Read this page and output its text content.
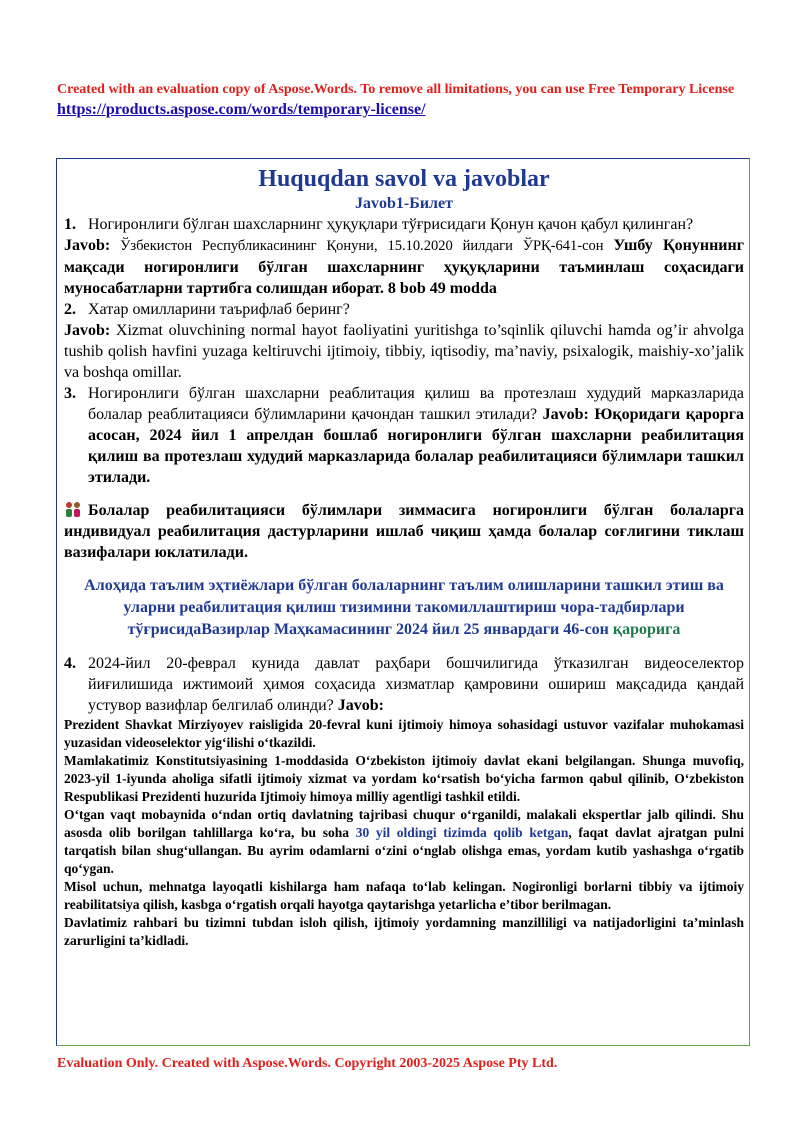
Created with an evaluation copy of Aspose.Words. To remove all limitations, you can use Free Temporary License https://products.aspose.com/words/temporary-license/
Huquqdan savol va javoblar
Javob1-Билет
1. Ногиронлиги бўлган шахсларнинг ҳуқуқлари тўғрисидаги Қонун қачон қабул қилинган?
Javob: Ўзбекистон Республикасининг Қонуни, 15.10.2020 йилдаги ЎРҚ-641-сон Ушбу Қонуннинг мақсади ногиронлиги бўлган шахсларнинг ҳуқуқларини таъминлаш соҳасидаги муносабатларни тартибга солишдан иборат. 8 bob 49 modda
2. Хатар омилларини таърифлаб беринг?
Javob: Xizmat oluvchining normal hayot faoliyatini yuritishga to’sqinlik qiluvchi hamda og’ir ahvolga tushib qolish havfini yuzaga keltiruvchi ijtimoiy, tibbiy, iqtisodiy, ma’naviy, psixalogik, maishiy-xo’jalik va boshqa omillar.
3. Ногиронлиги бўлган шахсларни реаблитация қилиш ва протезлаш худудий марказларида болалар реаблитацияси бўлимларини қачондан ташкил этилади? Javob: Юқоридаги қарорга асосан, 2024 йил 1 апрелдан бошлаб ногиронлиги бўлган шахсларни реабилитация қилиш ва протезлаш худудий марказларида болалар реабилитацияси бўлимлари ташкил этилади.
Болалар реабилитацияси бўлимлари зиммасига ногиронлиги бўлган болаларга индивидуал реабилитация дастурларини ишлаб чиқиш ҳамда болалар соғлигини тиклаш вазифалари юклатилади.
Алоҳида таълим эҳтиёжлари бўлган болаларнинг таълим олишларини ташкил этиш ва уларни реабилитация қилиш тизимини такомиллаштириш чора-тадбирлари тўғрисидаВазирлар Маҳкамасининг 2024 йил 25 январдаги 46-сон қарорига
4. 2024-йил 20-феврал кунида давлат раҳбари бошчилигида ўтказилган видеоселектор йиғилишида ижтимоий ҳимоя соҳасида хизматлар қамровини ошириш мақсадида қандай устувор вазифлар белгилаб олинди? Javob:
Prezident Shavkat Mirziyoyev raisligida 20-fevral kuni ijtimoiy himoya sohasidagi ustuvor vazifalar muhokamasi yuzasidan videoselektor yig‘ilishi o‘tkazildi.
Mamlakatimiz Konstitutsiyasining 1-moddasida O‘zbekiston ijtimoiy davlat ekani belgilangan. Shunga muvofiq, 2023-yil 1-iyunda aholiga sifatli ijtimoiy xizmat va yordam ko‘rsatish bo‘yicha farmon qabul qilinib, O‘zbekiston Respublikasi Prezidenti huzurida Ijtimoiy himoya milliy agentligi tashkil etildi.
O‘tgan vaqt mobaynida o‘ndan ortiq davlatning tajribasi chuqur o‘rganildi, malakali ekspertlar jalb qilindi. Shu asosda olib borilgan tahlillarga ko‘ra, bu soha 30 yil oldingi tizimda qolib ketgan, faqat davlat ajratgan pulni tarqatish bilan shug‘ullangan. Bu ayrim odamlarni o‘zini o‘nglab olishga emas, yordam kutib yashashga o‘rgatib qo‘ygan.
Misol uchun, mehnatga layoqatli kishilarga ham nafaqa to‘lab kelingan. Nogironligi borlarni tibbiy va ijtimoiy reabilitatsiya qilish, kasbga o‘rgatish orqali hayotga qaytarishga yetarlicha e’tibor berilmagan.
Davlatimiz rahbari bu tizimni tubdan isloh qilish, ijtimoiy yordamning manzilliligi va natijadorligini ta’minlash zarurligini ta’kidladi.
Evaluation Only. Created with Aspose.Words. Copyright 2003-2025 Aspose Pty Ltd.
